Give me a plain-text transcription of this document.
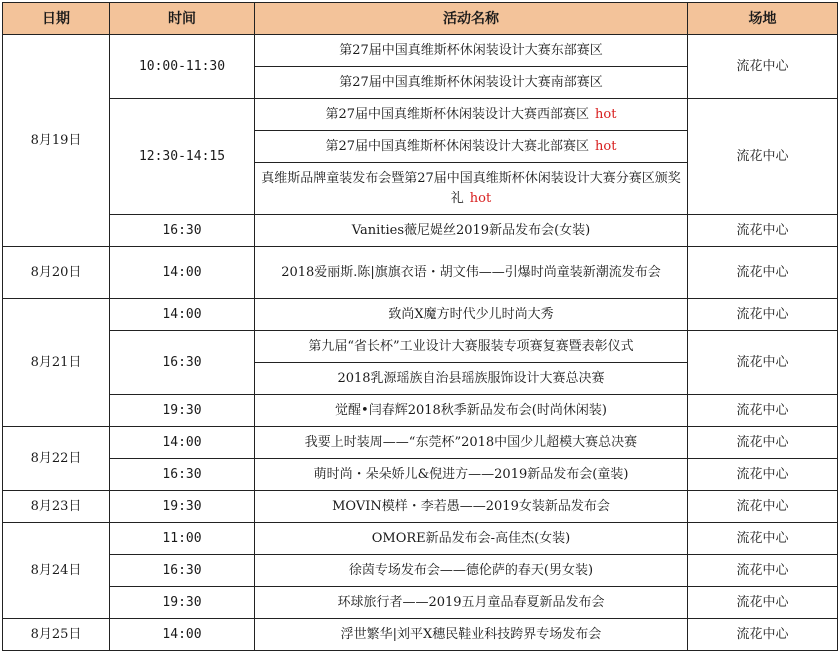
日期	时间	活动名称	场地
8月19日	10:00-11:30	第27届中国真维斯杯休闲装设计大赛东部赛区	流花中心
		第27届中国真维斯杯休闲装设计大赛南部赛区	
	12:30-14:15	第27届中国真维斯杯休闲装设计大赛西部赛区 hot	流花中心
		第27届中国真维斯杯休闲装设计大赛北部赛区 hot	
		真维斯品牌童装发布会暨第27届中国真维斯杯休闲装设计大赛分赛区颁奖礼 hot	
	16:30	Vanities薇尼媞丝2019新品发布会(女装)	流花中心
8月20日	14:00	2018爱丽斯.陈|旗旗衣语・胡文伟——引爆时尚童装新潮流发布会	流花中心
8月21日	14:00	致尚X魔方时代少儿时尚大秀	流花中心
	16:30	第九届“省长杯”工业设计大赛服装专项赛复赛暨表彰仪式	流花中心
		2018乳源瑶族自治县瑶族服饰设计大赛总决赛	
	19:30	觉醒•闫春辉2018秋季新品发布会(时尚休闲装)	流花中心
8月22日	14:00	我要上时装周——“东莞杯”2018中国少儿超模大赛总决赛	流花中心
	16:30	萌时尚・朵朵娇儿&倪进方——2019新品发布会(童装)	流花中心
8月23日	19:30	MOVIN模样・李若愚——2019女装新品发布会	流花中心
8月24日	11:00	OMORE新品发布会-高佳杰(女装)	流花中心
	16:30	徐茵专场发布会——德伦萨的春天(男女装)	流花中心
	19:30	环球旅行者——2019五月童品春夏新品发布会	流花中心
8月25日	14:00	浮世繁华|刘平X穗民鞋业科技跨界专场发布会	流花中心
